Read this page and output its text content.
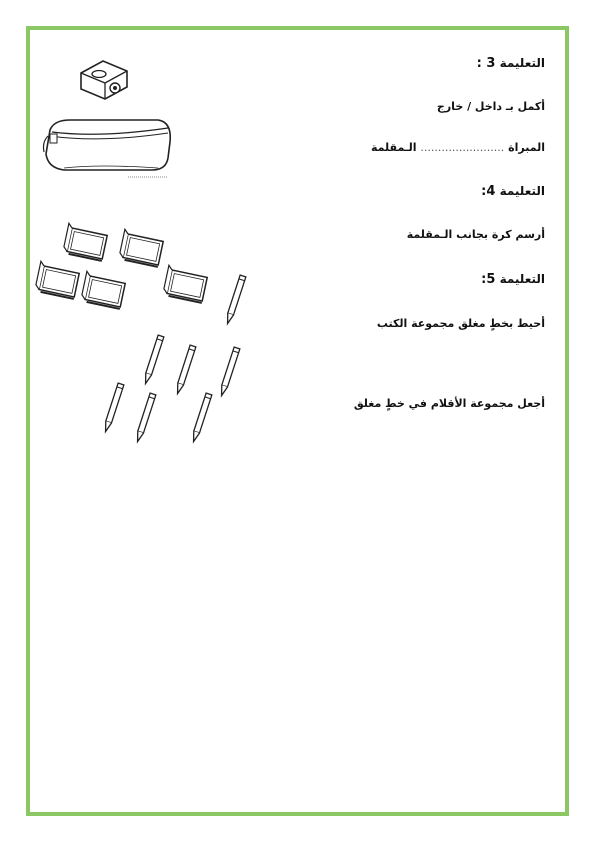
التعليمة 3 :
أكمل بـ داخل / خارج
المبراة ........................ الـمقلمة
التعليمة 4:
أرسم كرة بجانب الـمقلمة
التعليمة 5:
أحيط بخطٍ مغلق مجموعة الكتب
أجعل مجموعة الأقلام في خطٍ مغلق
